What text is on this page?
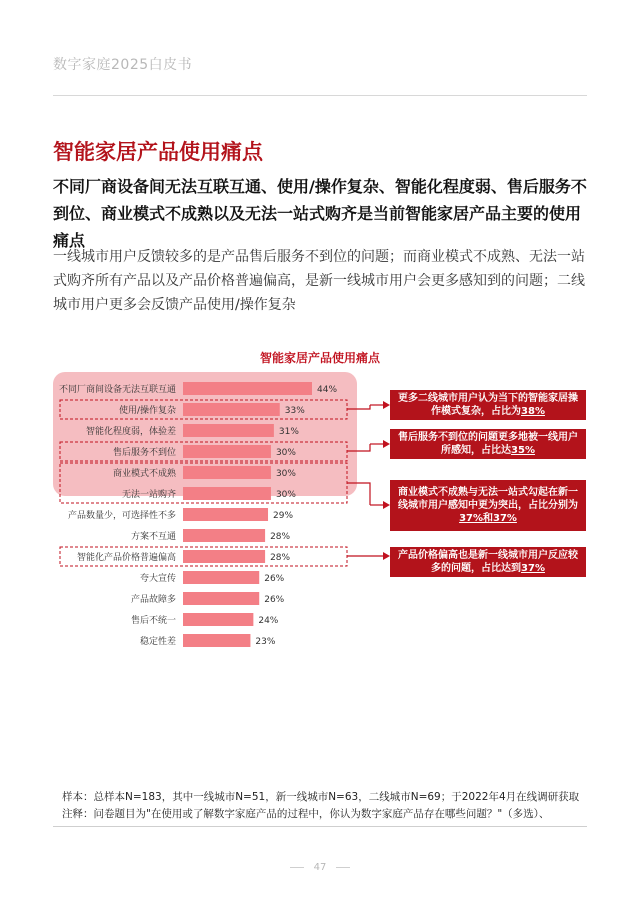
数字家庭2025白皮书
智能家居产品使用痛点
不同厂商设备间无法互联互通、使用/操作复杂、智能化程度弱、售后服务不到位、商业模式不成熟以及无法一站式购齐是当前智能家居产品主要的使用痛点
一线城市用户反馈较多的是产品售后服务不到位的问题；而商业模式不成熟、无法一站式购齐所有产品以及产品价格普遍偏高，是新一线城市用户会更多感知到的问题；二线城市用户更多会反馈产品使用/操作复杂
智能家居产品使用痛点
不同厂商间设备无法互联互通	44%
使用/操作复杂	33%
智能化程度弱，体验差	31%
售后服务不到位	30%
商业模式不成熟	30%
无法一站购齐	30%
产品数量少，可选择性不多	29%
方案不互通	28%
智能化产品价格普遍偏高	28%
夸大宣传	26%
产品故障多	26%
售后不统一	24%
稳定性差	23%
更多二线城市用户认为当下的智能家居操作模式复杂，占比为38%
售后服务不到位的问题更多地被一线用户所感知，占比达35%
商业模式不成熟与无法一站式勾起在新一线城市用户感知中更为突出，占比分别为37%和37%
产品价格偏高也是新一线城市用户反应较多的问题，占比达到37%
样本：总样本N=183，其中一线城市N=51，新一线城市N=63，二线城市N=69；于2022年4月在线调研获取
注释：问卷题目为"在使用或了解数字家庭产品的过程中，你认为数字家庭产品存在哪些问题？"（多选）、
47
